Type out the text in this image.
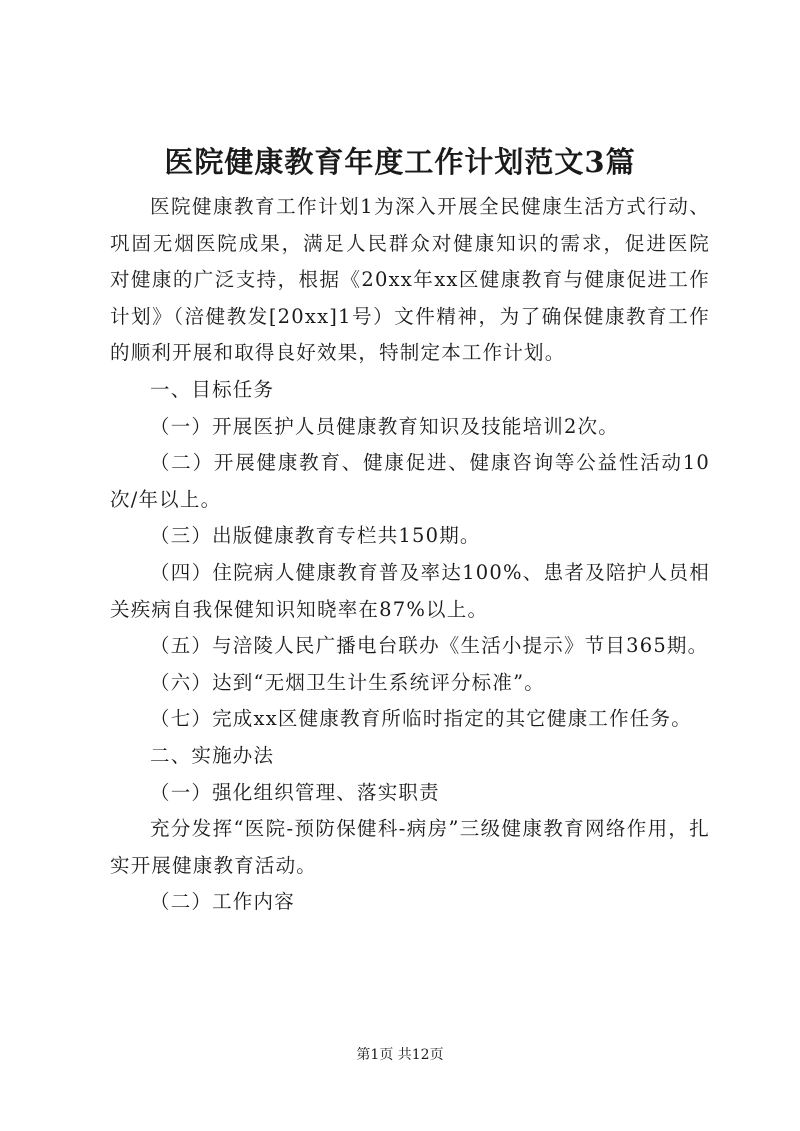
医院健康教育年度工作计划范文3篇

医院健康教育工作计划1为深入开展全民健康生活方式行动、巩固无烟医院成果，满足人民群众对健康知识的需求，促进医院对健康的广泛支持，根据《20xx年xx区健康教育与健康促进工作计划》（涪健教发[20xx]1号）文件精神，为了确保健康教育工作的顺利开展和取得良好效果，特制定本工作计划。

一、目标任务

（一）开展医护人员健康教育知识及技能培训2次。

（二）开展健康教育、健康促进、健康咨询等公益性活动10次/年以上。

（三）出版健康教育专栏共150期。

（四）住院病人健康教育普及率达100%、患者及陪护人员相关疾病自我保健知识知晓率在87%以上。

（五）与涪陵人民广播电台联办《生活小提示》节目365期。

（六）达到“无烟卫生计生系统评分标准”。

（七）完成xx区健康教育所临时指定的其它健康工作任务。

二、实施办法

（一）强化组织管理、落实职责

充分发挥“医院-预防保健科-病房”三级健康教育网络作用，扎实开展健康教育活动。

（二）工作内容

第1页 共12页
